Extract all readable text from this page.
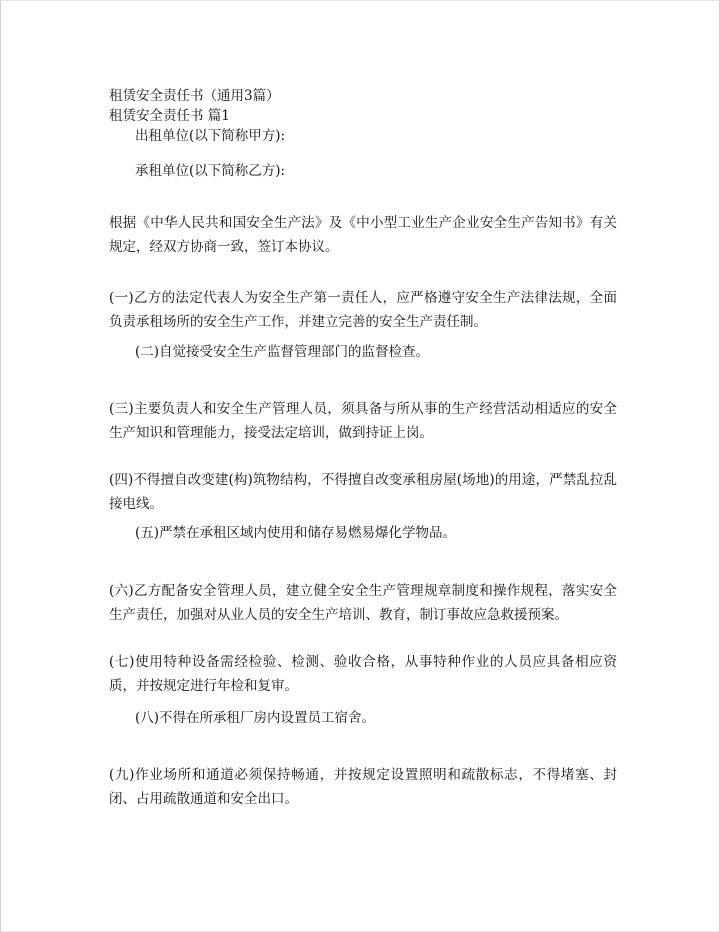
租赁安全责任书（通用3篇）
租赁安全责任书 篇1
出租单位(以下简称甲方):
承租单位(以下简称乙方):
根据《中华人民共和国安全生产法》及《中小型工业生产企业安全生产告知书》有关规定，经双方协商一致，签订本协议。
(一)乙方的法定代表人为安全生产第一责任人，应严格遵守安全生产法律法规，全面负责承租场所的安全生产工作，并建立完善的安全生产责任制。
(二)自觉接受安全生产监督管理部门的监督检查。
(三)主要负责人和安全生产管理人员，须具备与所从事的生产经营活动相适应的安全生产知识和管理能力，接受法定培训，做到持证上岗。
(四)不得擅自改变建(构)筑物结构，不得擅自改变承租房屋(场地)的用途，严禁乱拉乱接电线。
(五)严禁在承租区域内使用和储存易燃易爆化学物品。
(六)乙方配备安全管理人员，建立健全安全生产管理规章制度和操作规程，落实安全生产责任，加强对从业人员的安全生产培训、教育，制订事故应急救援预案。
(七)使用特种设备需经检验、检测、验收合格，从事特种作业的人员应具备相应资质，并按规定进行年检和复审。
(八)不得在所承租厂房内设置员工宿舍。
(九)作业场所和通道必须保持畅通，并按规定设置照明和疏散标志，不得堵塞、封闭、占用疏散通道和安全出口。
